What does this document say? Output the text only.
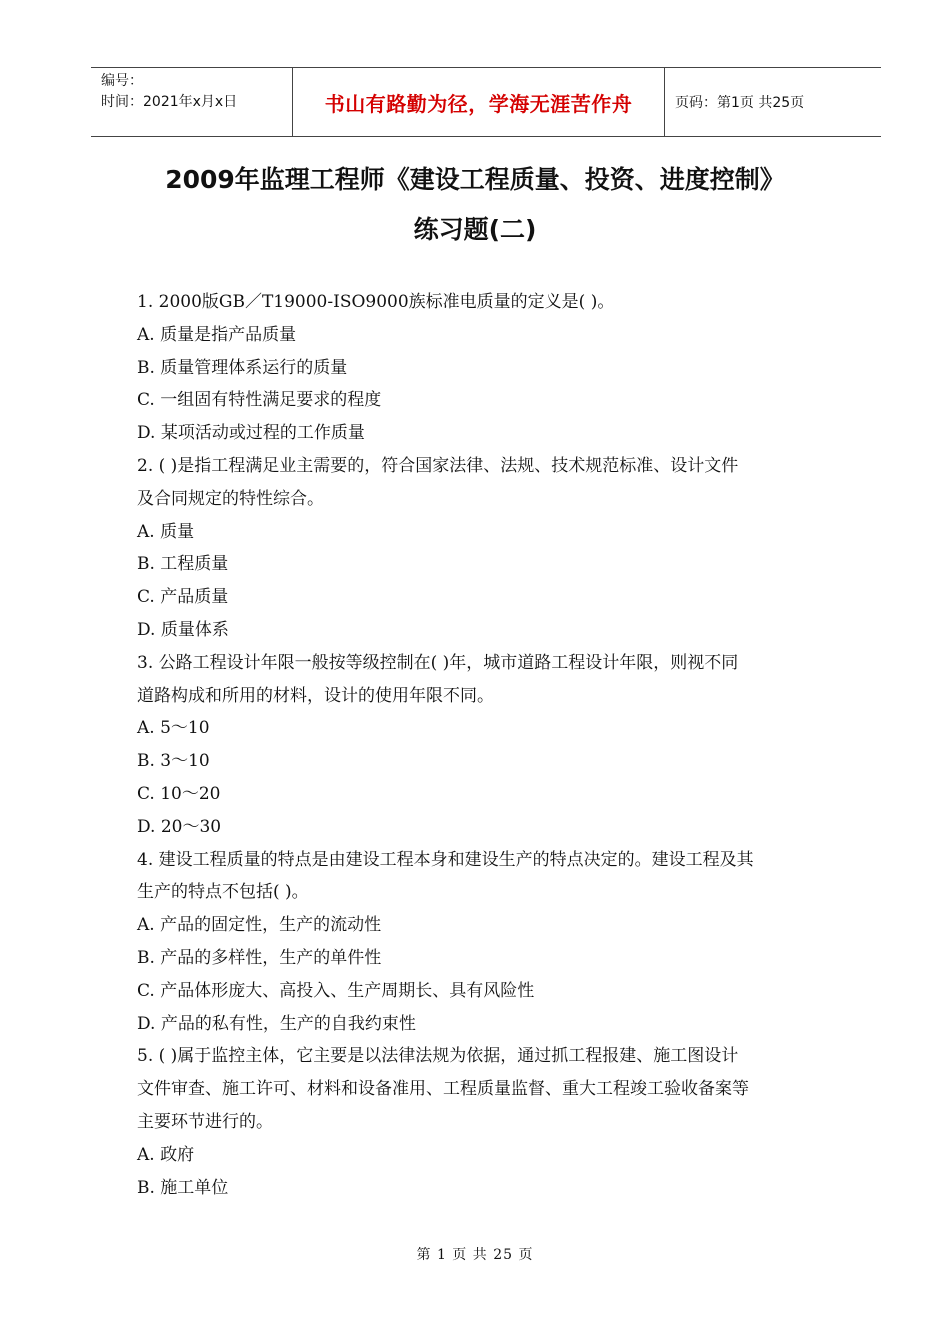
编号：
时间：2021年x月x日	书山有路勤为径，学海无涯苦作舟	页码：第1页 共25页
2009年监理工程师《建设工程质量、投资、进度控制》
练习题(二)
1. 2000版GB／T19000-ISO9000族标准电质量的定义是( )。
A. 质量是指产品质量
B. 质量管理体系运行的质量
C. 一组固有特性满足要求的程度
D. 某项活动或过程的工作质量
2. ( )是指工程满足业主需要的，符合国家法律、法规、技术规范标准、设计文件
及合同规定的特性综合。
A. 质量
B. 工程质量
C. 产品质量
D. 质量体系
3. 公路工程设计年限一般按等级控制在( )年，城市道路工程设计年限，则视不同
道路构成和所用的材料，设计的使用年限不同。
A. 5～10
B. 3～10
C. 10～20
D. 20～30
4. 建设工程质量的特点是由建设工程本身和建设生产的特点决定的。建设工程及其
生产的特点不包括( )。
A. 产品的固定性，生产的流动性
B. 产品的多样性，生产的单件性
C. 产品体形庞大、高投入、生产周期长、具有风险性
D. 产品的私有性，生产的自我约束性
5. ( )属于监控主体，它主要是以法律法规为依据，通过抓工程报建、施工图设计
文件审查、施工许可、材料和设备准用、工程质量监督、重大工程竣工验收备案等
主要环节进行的。
A. 政府
B. 施工单位
第 1 页 共 25 页
